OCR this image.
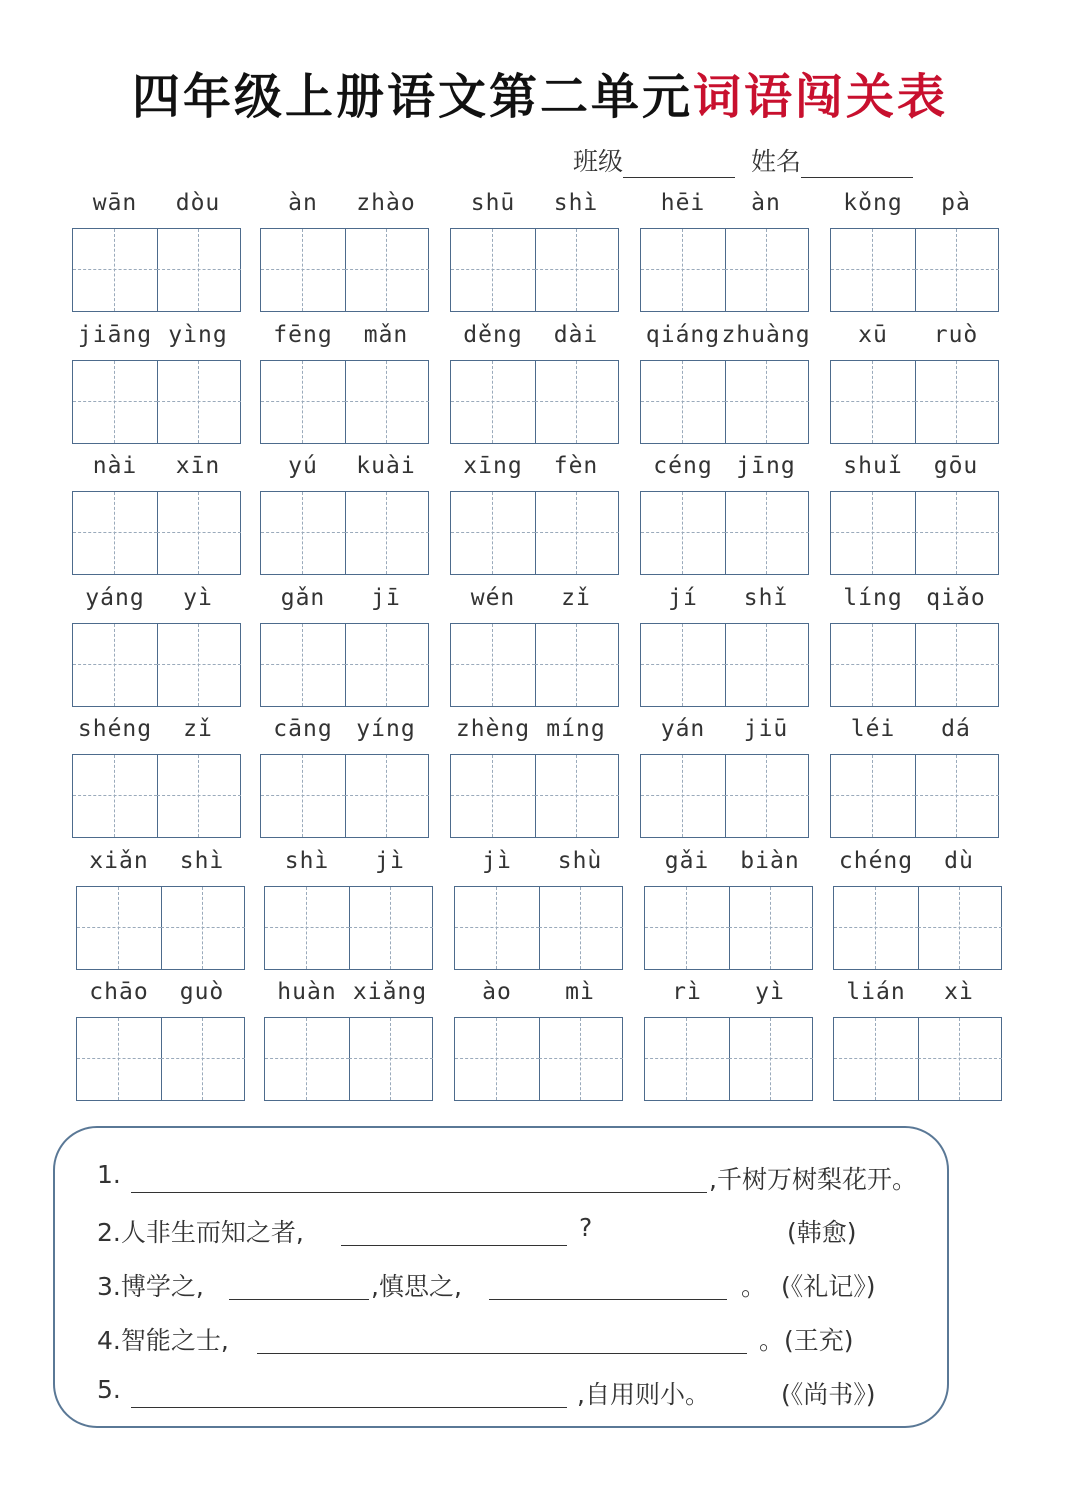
四年级上册语文第二单元词语闯关表
班级	姓名
wān	dòu	àn	zhào	shū	shì	hēi	àn	kǒng	pà
jiāng yìng	fēng	mǎn	děng	dài	qiáng zhuàng	xū	ruò
nài	xīn	yú	kuài	xīng	fèn	céng	jīng	shuǐ	gōu
yáng	yì	gǎn	jī	wén	zǐ	jí	shǐ	líng	qiǎo
shéng	zǐ	cāng	yíng	zhèng míng	yán	jiū	léi	dá
xiǎn	shì	shì	jì	jì	shù	gǎi	biàn	chéng	dù
chāo	guò	huàn xiǎng	ào	mì	rì	yì	lián	xì
1.	,千树万树梨花开。
2.人非生而知之者,	?	(韩愈)
3.博学之,	,慎思之,	。 (《礼记》)
4.智能之士,	。(王充)
5.	,自用则小。	(《尚书》)
